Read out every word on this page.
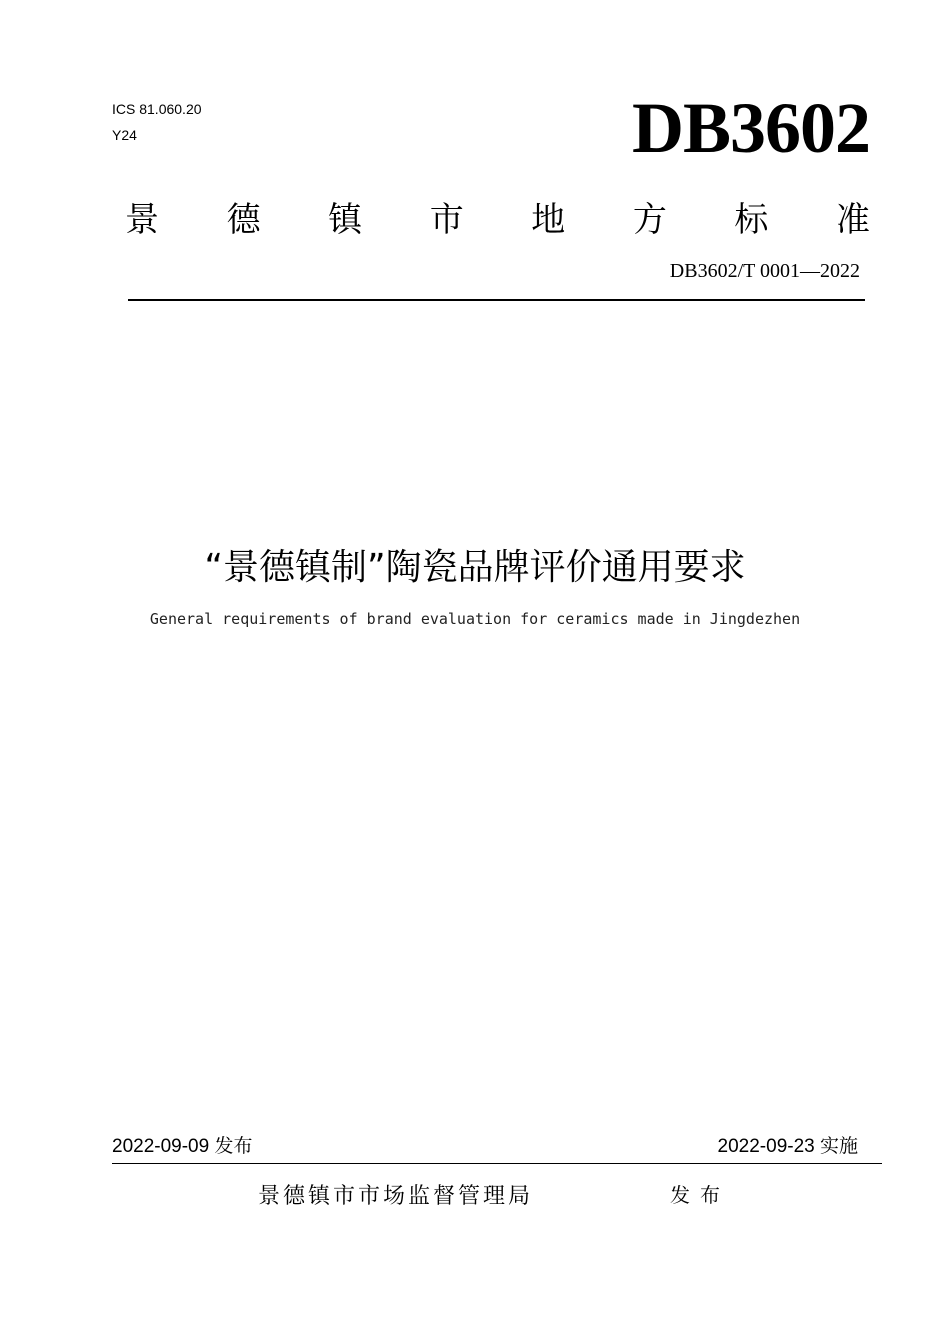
ICS 81.060.20
Y24	DB3602
景 德 镇 市 地 方 标 准
DB3602/T 0001—2022
“景德镇制”陶瓷品牌评价通用要求
General requirements of brand evaluation for ceramics made in Jingdezhen
2022-09-09 发布	2022-09-23 实施
景德镇市市场监督管理局	发布
